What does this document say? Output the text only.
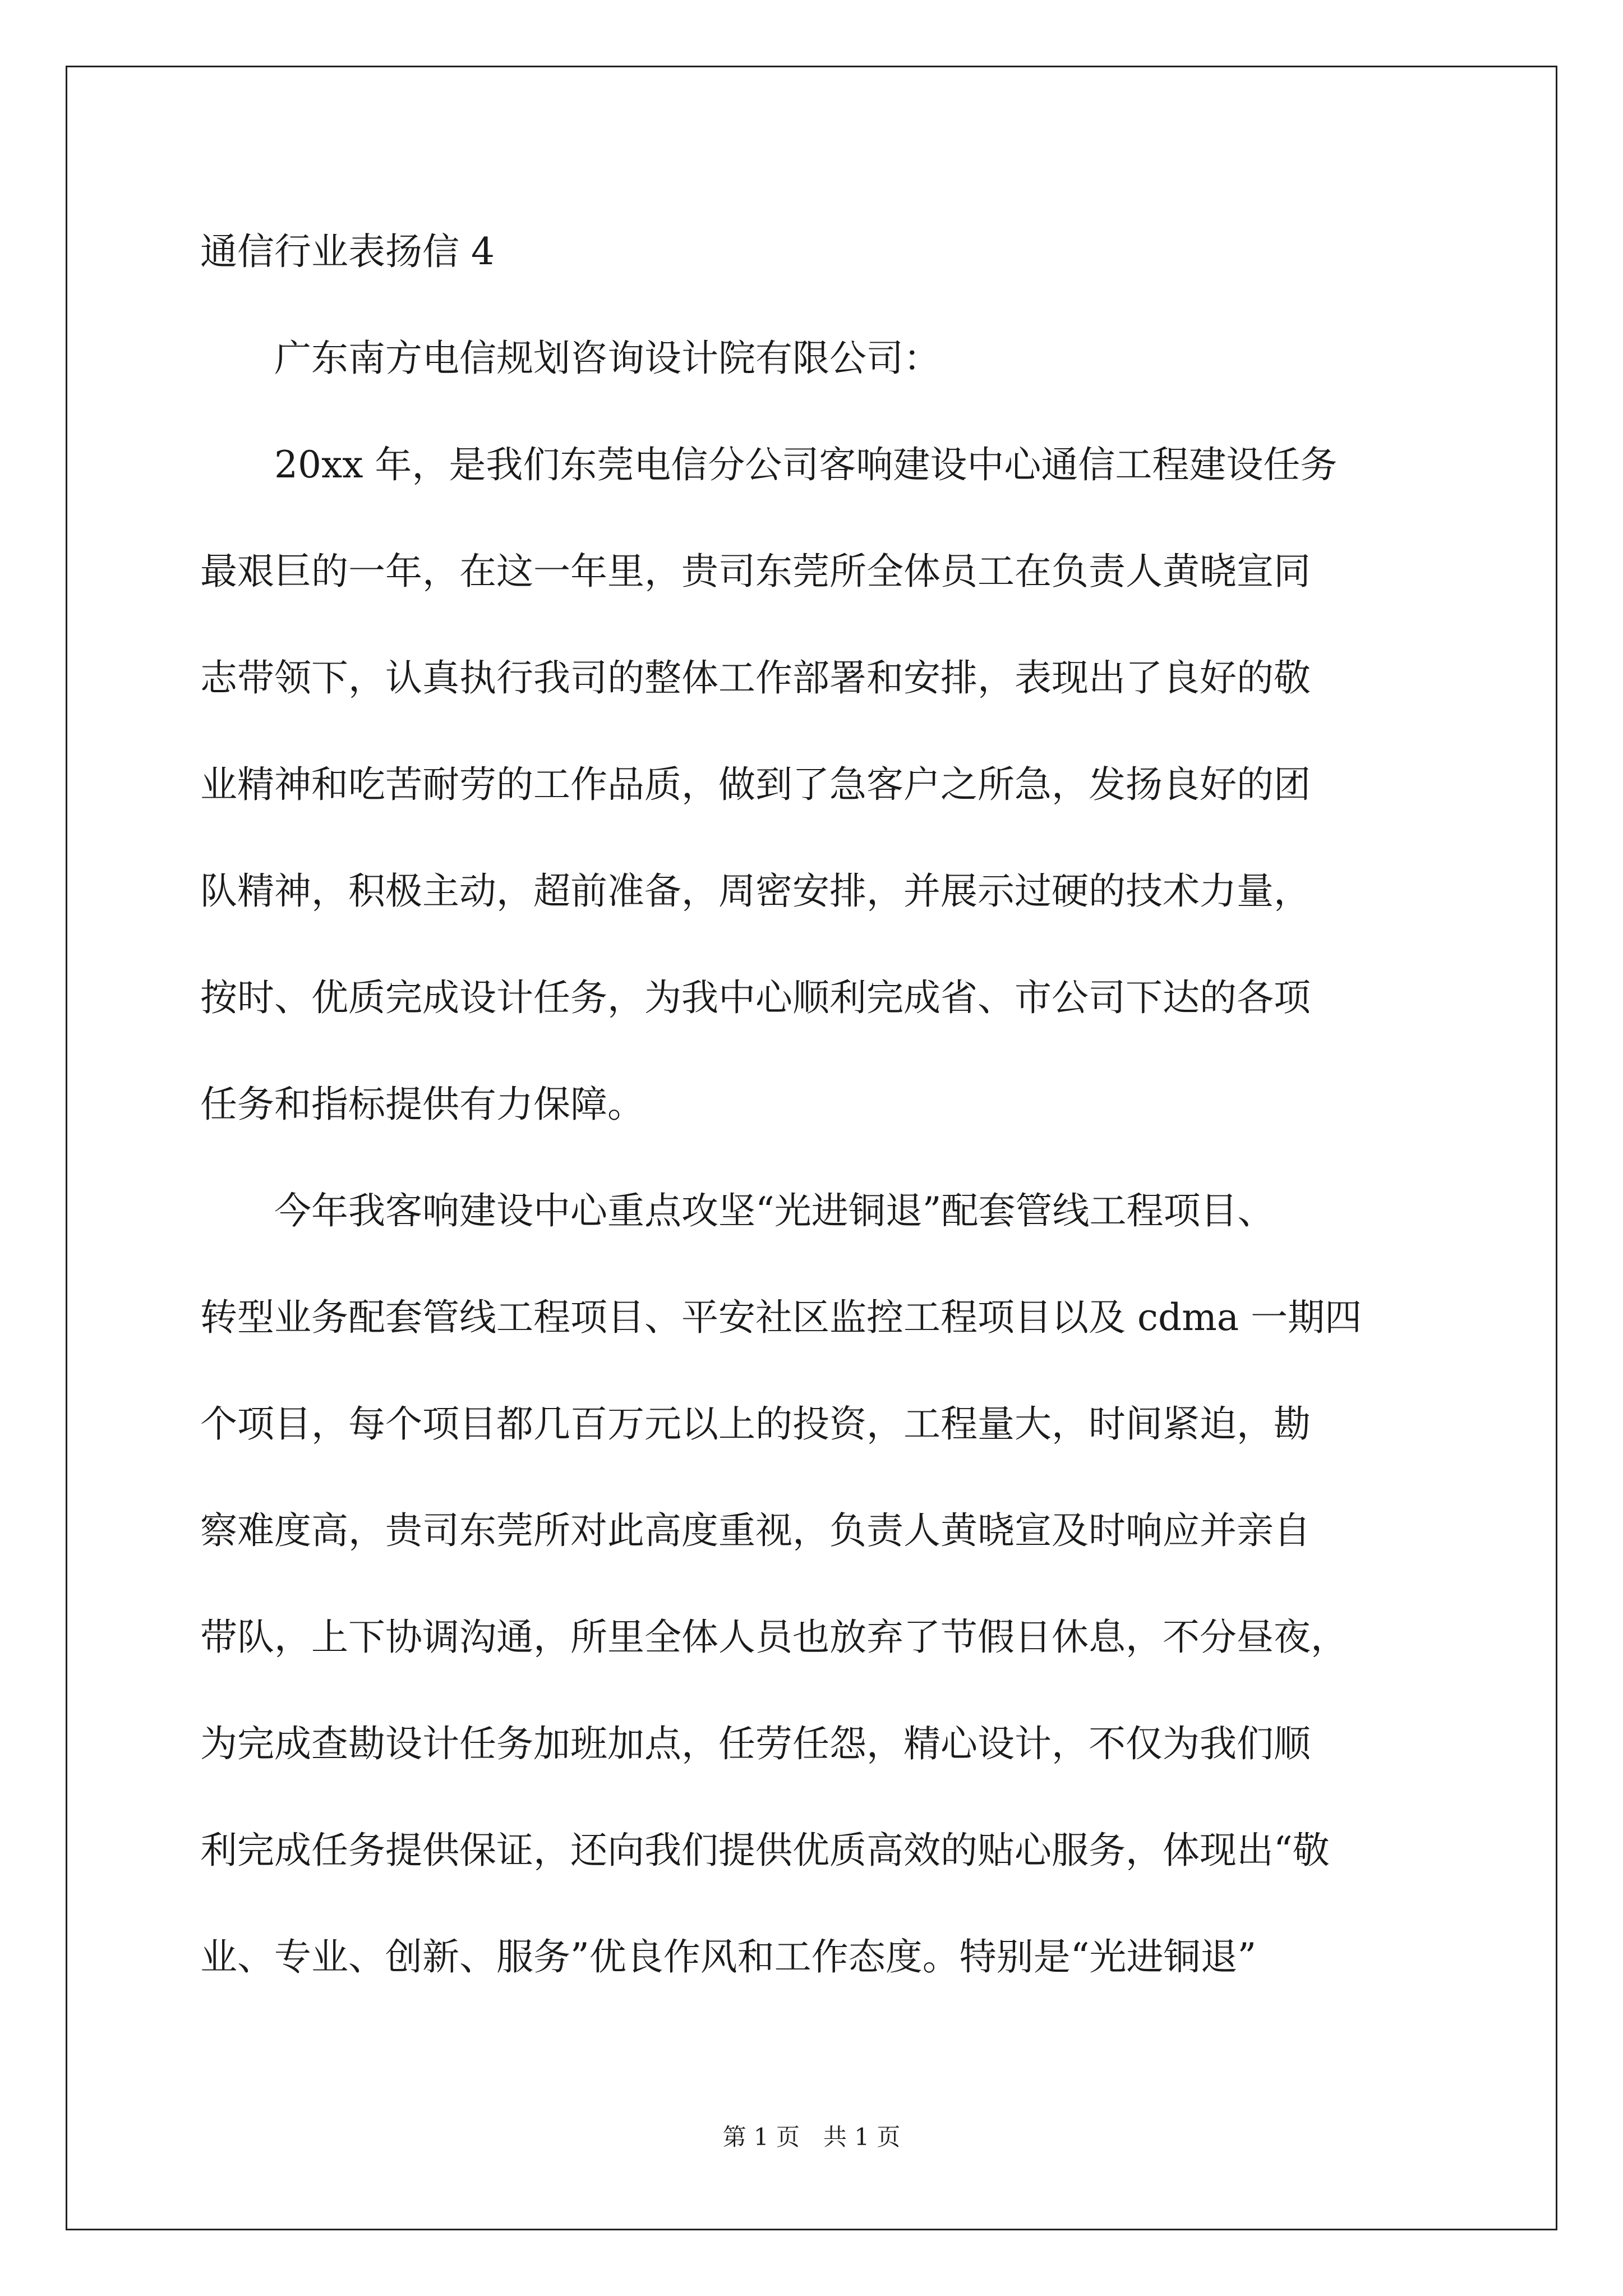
通信行业表扬信 4

广东南方电信规划咨询设计院有限公司：

20xx 年，是我们东莞电信分公司客响建设中心通信工程建设任务

最艰巨的一年，在这一年里，贵司东莞所全体员工在负责人黄晓宣同

志带领下，认真执行我司的整体工作部署和安排，表现出了良好的敬

业精神和吃苦耐劳的工作品质，做到了急客户之所急，发扬良好的团

队精神，积极主动，超前准备，周密安排，并展示过硬的技术力量，

按时、优质完成设计任务，为我中心顺利完成省、市公司下达的各项

任务和指标提供有力保障。

今年我客响建设中心重点攻坚“光进铜退”配套管线工程项目、

转型业务配套管线工程项目、平安社区监控工程项目以及 cdma 一期四

个项目，每个项目都几百万元以上的投资，工程量大，时间紧迫，勘

察难度高，贵司东莞所对此高度重视，负责人黄晓宣及时响应并亲自

带队，上下协调沟通，所里全体人员也放弃了节假日休息，不分昼夜，

为完成查勘设计任务加班加点，任劳任怨，精心设计，不仅为我们顺

利完成任务提供保证，还向我们提供优质高效的贴心服务，体现出“敬

业、专业、创新、服务”优良作风和工作态度。特别是“光进铜退”

第 1 页　共 1 页
